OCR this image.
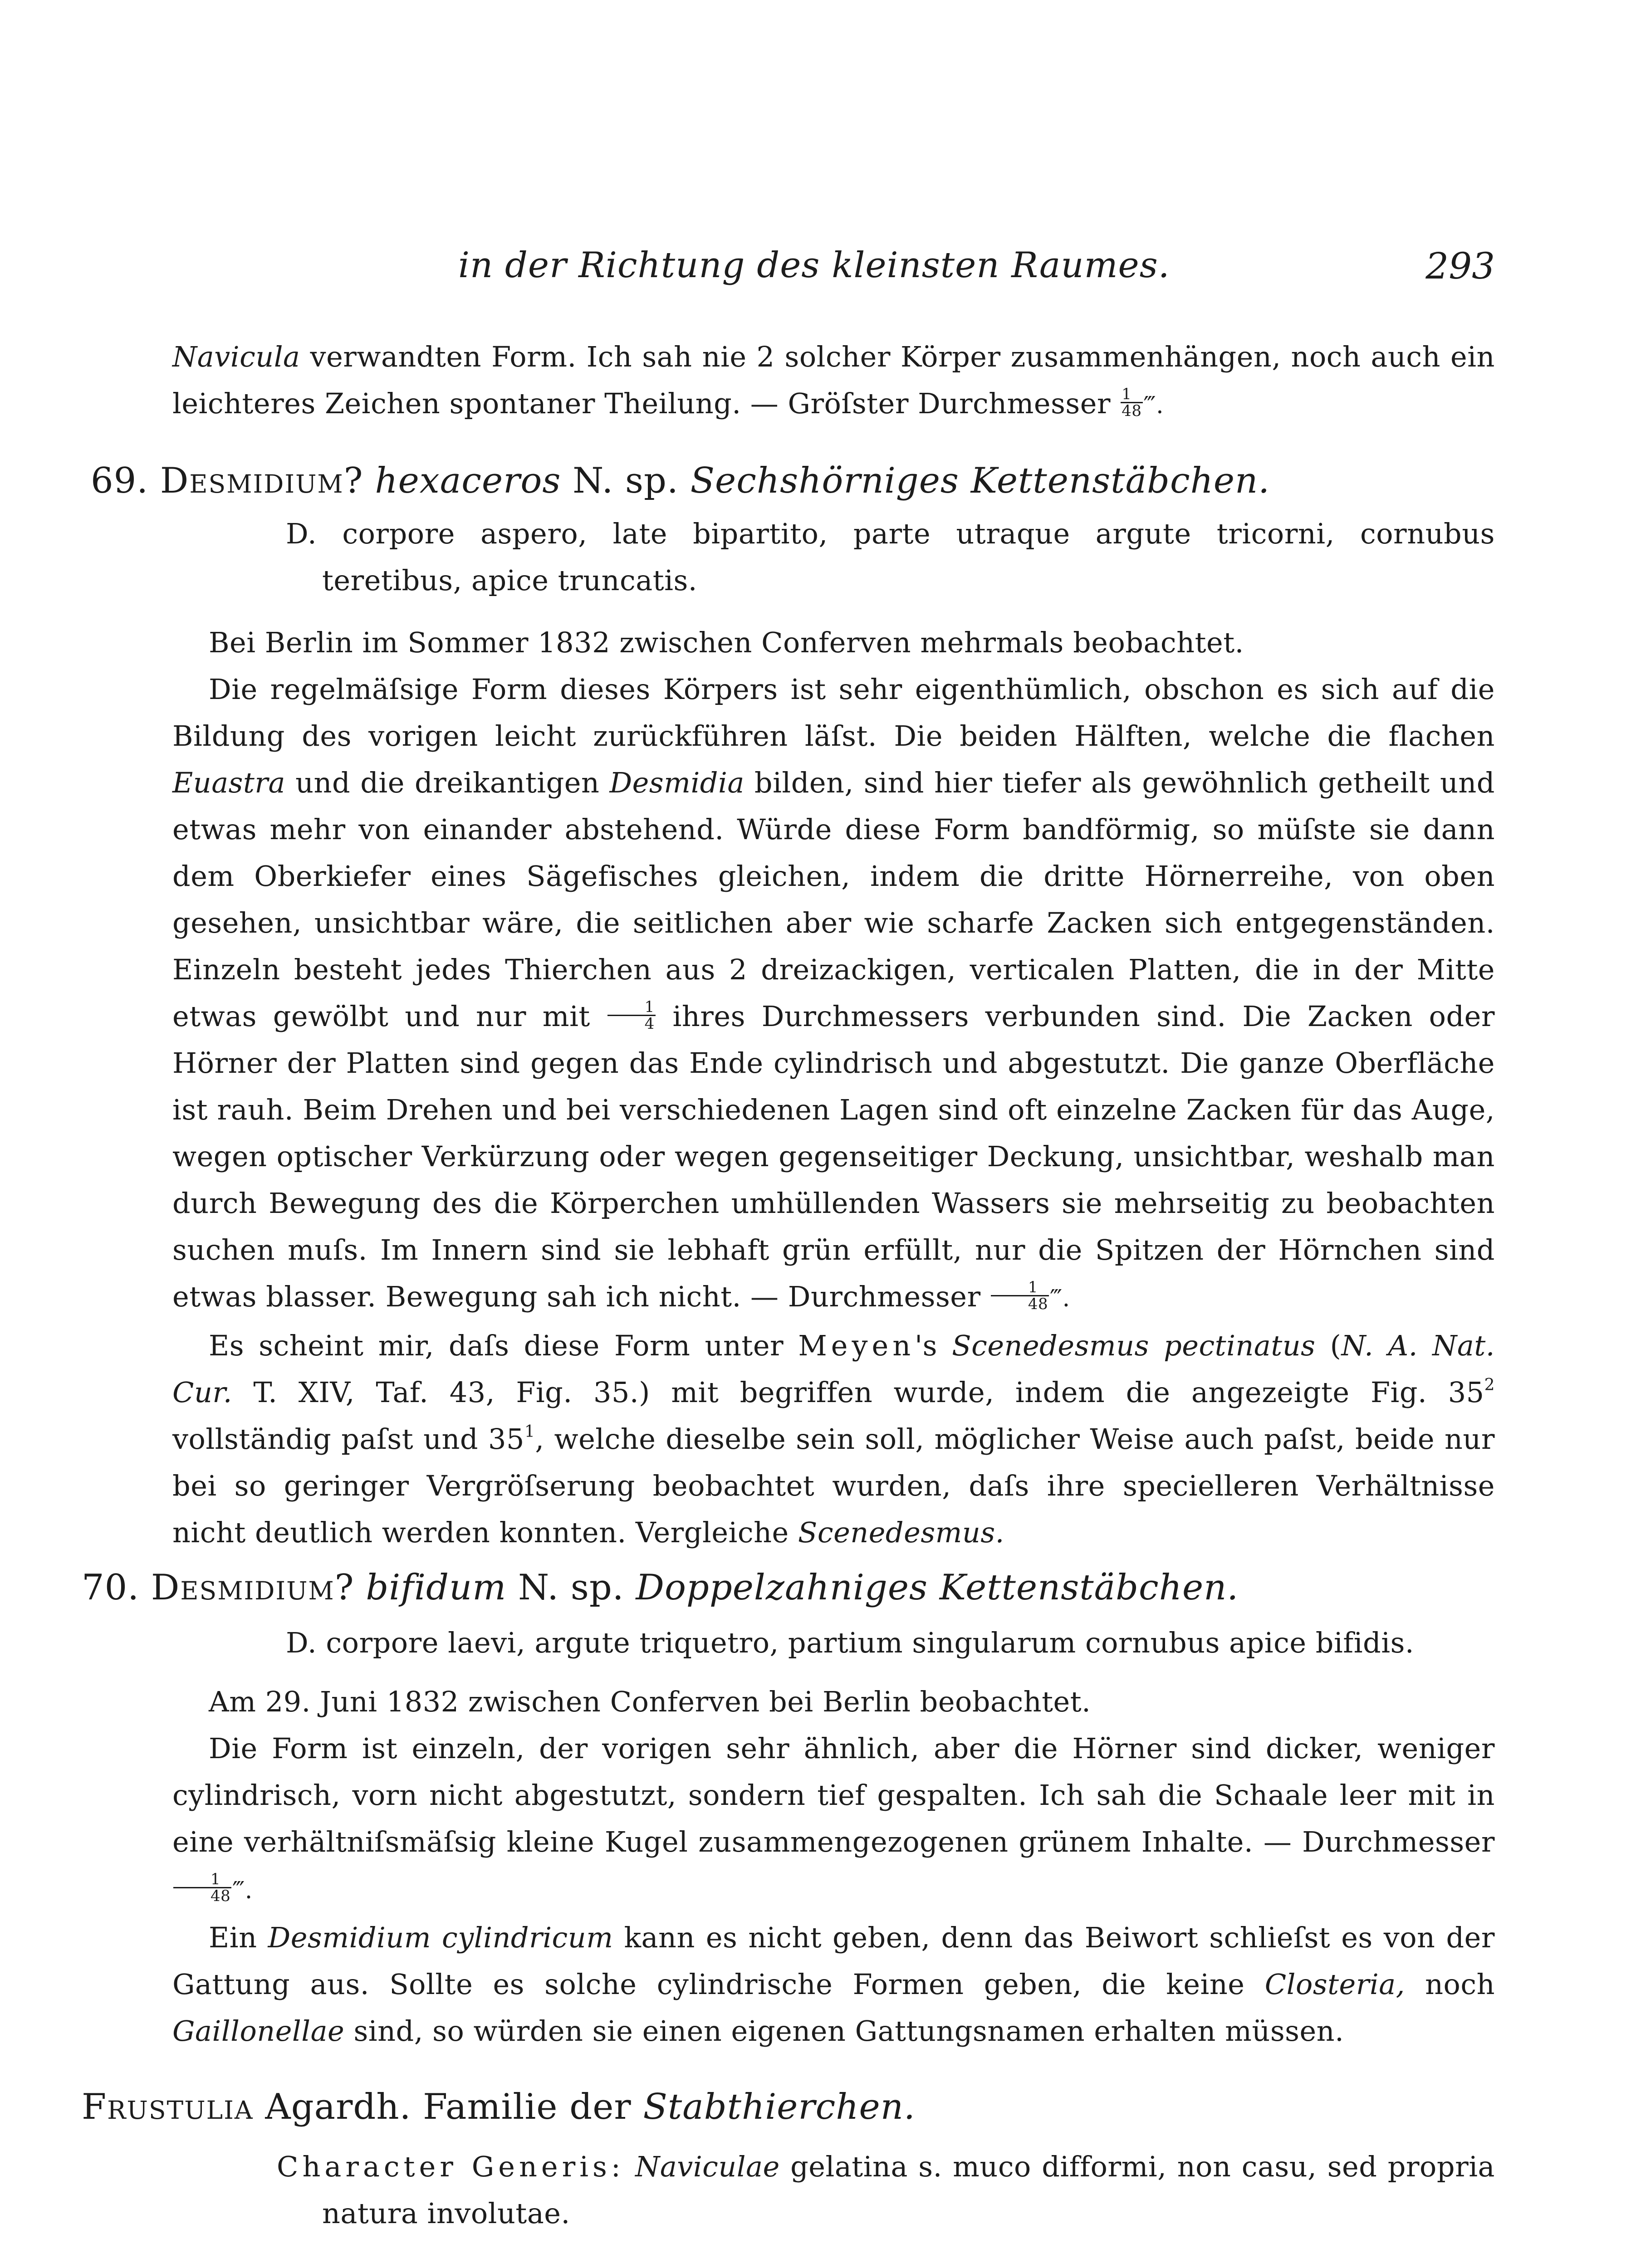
in der Richtung des kleinsten Raumes.	293

Navicula verwandten Form. Ich sah nie 2 solcher Körper zusammenhängen, noch auch ein leichteres Zeichen spontaner Theilung. — Gröſster Durchmesser $\frac{1}{48}$ ‴.

69. Desmidium? hexaceros N. sp. Sechshörniges Kettenstäbchen.

D. corpore aspero, late bipartito, parte utraque argute tricorni, cornubus teretibus, apice truncatis.

Bei Berlin im Sommer 1832 zwischen Conferven mehrmals beobachtet.

Die regelmäſsige Form dieses Körpers ist sehr eigenthümlich, obschon es sich auf die Bildung des vorigen leicht zurückführen läſst. Die beiden Hälften, welche die flachen Euastra und die dreikantigen Desmidia bilden, sind hier tiefer als gewöhnlich getheilt und etwas mehr von einander abstehend. Würde diese Form bandförmig, so müſste sie dann dem Oberkiefer eines Sägefisches gleichen, indem die dritte Hörnerreihe, von oben gesehen, unsichtbar wäre, die seitlichen aber wie scharfe Zacken sich entgegenständen. Einzeln besteht jedes Thierchen aus 2 dreizackigen, verticalen Platten, die in der Mitte etwas gewölbt und nur mit $\frac{1}{4}$ ihres Durchmessers verbunden sind. Die Zacken oder Hörner der Platten sind gegen das Ende cylindrisch und abgestutzt. Die ganze Oberfläche ist rauh. Beim Drehen und bei verschiedenen Lagen sind oft einzelne Zacken für das Auge, wegen optischer Verkürzung oder wegen gegenseitiger Deckung, unsichtbar, weshalb man durch Bewegung des die Körperchen umhüllenden Wassers sie mehrseitig zu beobachten suchen muſs. Im Innern sind sie lebhaft grün erfüllt, nur die Spitzen der Hörnchen sind etwas blasser. Bewegung sah ich nicht. — Durchmesser $\frac{1}{48}$ ‴.

Es scheint mir, daſs diese Form unter Meyen's Scenedesmus pectinatus (N. A. Nat. Cur. T. XIV, Taf. 43, Fig. 35.) mit begriffen wurde, indem die angezeigte Fig. $35^2$ vollständig paſst und $35^1$, welche dieselbe sein soll, möglicher Weise auch paſst, beide nur bei so geringer Vergröſserung beobachtet wurden, daſs ihre specielleren Verhältnisse nicht deutlich werden konnten. Vergleiche Scenedesmus.

70. Desmidium? bifidum N. sp. Doppelzahniges Kettenstäbchen.

D. corpore laevi, argute triquetro, partium singularum cornubus apice bifidis.

Am 29. Juni 1832 zwischen Conferven bei Berlin beobachtet.

Die Form ist einzeln, der vorigen sehr ähnlich, aber die Hörner sind dicker, weniger cylindrisch, vorn nicht abgestutzt, sondern tief gespalten. Ich sah die Schaale leer mit in eine verhältniſsmäſsig kleine Kugel zusammengezogenen grünem Inhalte. — Durchmesser
$\frac{1}{48}$ ‴.

Ein Desmidium cylindricum kann es nicht geben, denn das Beiwort schlieſst es von der Gattung aus. Sollte es solche cylindrische Formen geben, die keine Closteria, noch Gaillonellae sind, so würden sie einen eigenen Gattungsnamen erhalten müssen.

Frustulia Agardh. Familie der Stabthierchen.

Character Generis: Naviculae gelatina s. muco difformi, non casu, sed propria natura involutae.
